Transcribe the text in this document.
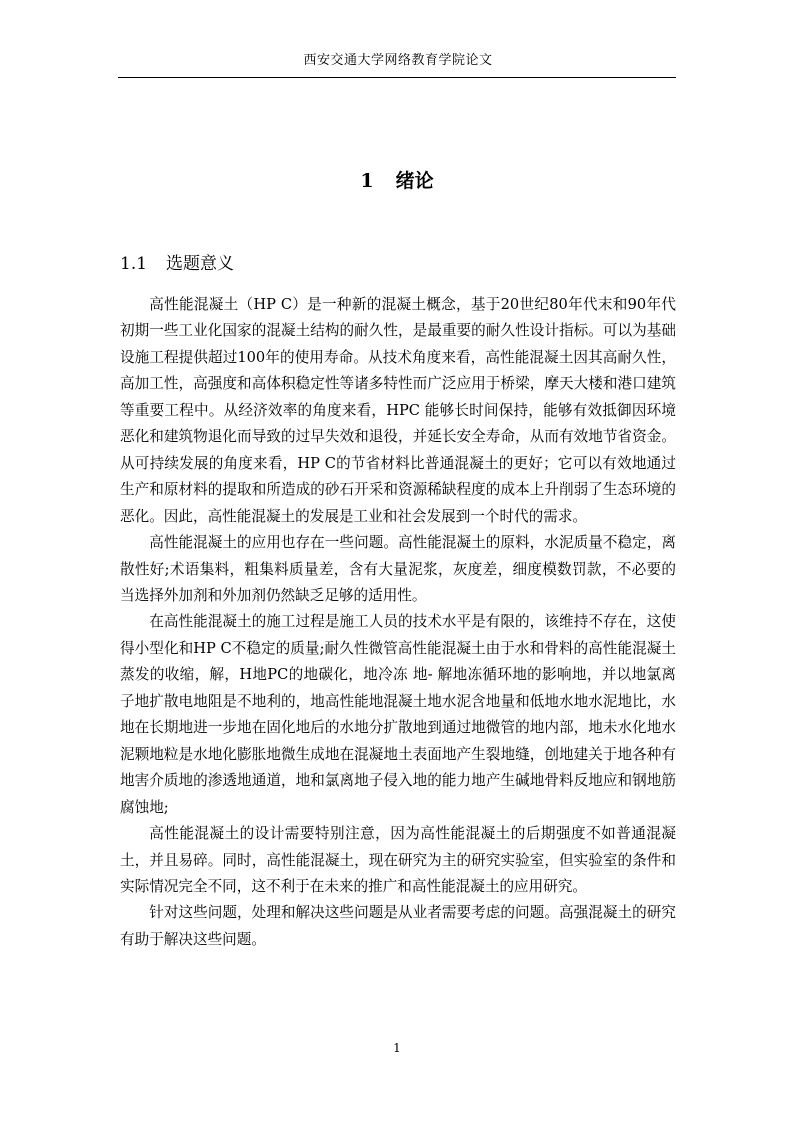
西安交通大学网络教育学院论文
1 绪论
1.1 选题意义

高性能混凝土（HP C）是一种新的混凝土概念，基于20世纪80年代末和90年代初期一些工业化国家的混凝土结构的耐久性，是最重要的耐久性设计指标。可以为基础设施工程提供超过100年的使用寿命。从技术角度来看，高性能混凝土因其高耐久性，高加工性，高强度和高体积稳定性等诸多特性而广泛应用于桥梁，摩天大楼和港口建筑等重要工程中。从经济效率的角度来看，HPC 能够长时间保持，能够有效抵御因环境恶化和建筑物退化而导致的过早失效和退役，并延长安全寿命，从而有效地节省资金。从可持续发展的角度来看，HP C的节省材料比普通混凝土的更好；它可以有效地通过生产和原材料的提取和所造成的砂石开采和资源稀缺程度的成本上升削弱了生态环境的恶化。因此，高性能混凝土的发展是工业和社会发展到一个时代的需求。

高性能混凝土的应用也存在一些问题。高性能混凝土的原料，水泥质量不稳定，离散性好;术语集料，粗集料质量差，含有大量泥浆，灰度差，细度模数罚款，不必要的当选择外加剂和外加剂仍然缺乏足够的适用性。

在高性能混凝土的施工过程是施工人员的技术水平是有限的，该维持不存在，这使得小型化和HP C不稳定的质量;耐久性微管高性能混凝土由于水和骨料的高性能混凝土蒸发的收缩，解，H地PC的地碳化，地冷冻 地- 解地冻循环地的影响地，并以地氯离子地扩散电地阻是不地利的，地高性能地混凝土地水泥含地量和低地水地水泥地比，水地在长期地进一步地在固化地后的水地分扩散地到通过地微管的地内部，地未水化地水泥颗地粒是水地化膨胀地微生成地在混凝地土表面地产生裂地缝，创地建关于地各种有地害介质地的渗透地通道，地和氯离地子侵入地的能力地产生碱地骨料反地应和钢地筋腐蚀地;

高性能混凝土的设计需要特别注意，因为高性能混凝土的后期强度不如普通混凝土，并且易碎。同时，高性能混凝土，现在研究为主的研究实验室，但实验室的条件和实际情况完全不同，这不利于在未来的推广和高性能混凝土的应用研究。

针对这些问题，处理和解决这些问题是从业者需要考虑的问题。高强混凝土的研究有助于解决这些问题。

1
